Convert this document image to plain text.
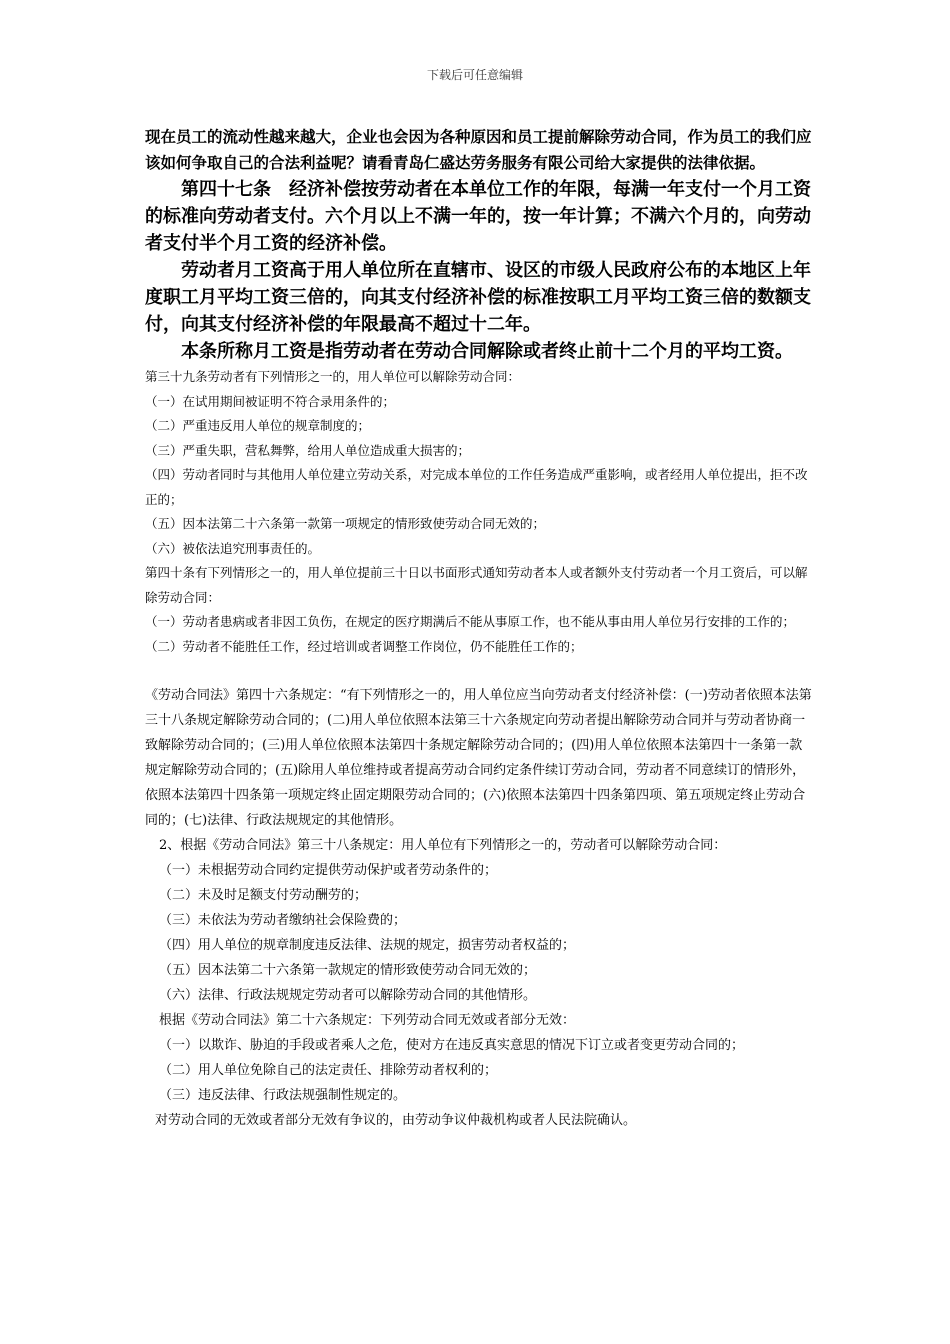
下载后可任意编辑

现在员工的流动性越来越大，企业也会因为各种原因和员工提前解除劳动合同，作为员工的我们应该如何争取自己的合法利益呢？请看青岛仁盛达劳务服务有限公司给大家提供的法律依据。

第四十七条　经济补偿按劳动者在本单位工作的年限，每满一年支付一个月工资的标准向劳动者支付。六个月以上不满一年的，按一年计算；不满六个月的，向劳动者支付半个月工资的经济补偿。

劳动者月工资高于用人单位所在直辖市、设区的市级人民政府公布的本地区上年度职工月平均工资三倍的，向其支付经济补偿的标准按职工月平均工资三倍的数额支付，向其支付经济补偿的年限最高不超过十二年。

本条所称月工资是指劳动者在劳动合同解除或者终止前十二个月的平均工资。

第三十九条劳动者有下列情形之一的，用人单位可以解除劳动合同：

（一）在试用期间被证明不符合录用条件的；

（二）严重违反用人单位的规章制度的；

（三）严重失职，营私舞弊，给用人单位造成重大损害的；

（四）劳动者同时与其他用人单位建立劳动关系，对完成本单位的工作任务造成严重影响，或者经用人单位提出，拒不改正的；

（五）因本法第二十六条第一款第一项规定的情形致使劳动合同无效的；

（六）被依法追究刑事责任的。

第四十条有下列情形之一的，用人单位提前三十日以书面形式通知劳动者本人或者额外支付劳动者一个月工资后，可以解除劳动合同：

（一）劳动者患病或者非因工负伤，在规定的医疗期满后不能从事原工作，也不能从事由用人单位另行安排的工作的；

（二）劳动者不能胜任工作，经过培训或者调整工作岗位，仍不能胜任工作的；

《劳动合同法》第四十六条规定：“有下列情形之一的，用人单位应当向劳动者支付经济补偿：(一)劳动者依照本法第三十八条规定解除劳动合同的；(二)用人单位依照本法第三十六条规定向劳动者提出解除劳动合同并与劳动者协商一致解除劳动合同的；(三)用人单位依照本法第四十条规定解除劳动合同的；(四)用人单位依照本法第四十一条第一款规定解除劳动合同的；(五)除用人单位维持或者提高劳动合同约定条件续订劳动合同，劳动者不同意续订的情形外，依照本法第四十四条第一项规定终止固定期限劳动合同的；(六)依照本法第四十四条第四项、第五项规定终止劳动合同的；(七)法律、行政法规规定的其他情形。

2、根据《劳动合同法》第三十八条规定：用人单位有下列情形之一的，劳动者可以解除劳动合同：

（一）未根据劳动合同约定提供劳动保护或者劳动条件的；

（二）未及时足额支付劳动酬劳的；

（三）未依法为劳动者缴纳社会保险费的；

（四）用人单位的规章制度违反法律、法规的规定，损害劳动者权益的；

（五）因本法第二十六条第一款规定的情形致使劳动合同无效的；

（六）法律、行政法规规定劳动者可以解除劳动合同的其他情形。

根据《劳动合同法》第二十六条规定：下列劳动合同无效或者部分无效：

（一）以欺诈、胁迫的手段或者乘人之危，使对方在违反真实意思的情况下订立或者变更劳动合同的；

（二）用人单位免除自己的法定责任、排除劳动者权利的；

（三）违反法律、行政法规强制性规定的。

对劳动合同的无效或者部分无效有争议的，由劳动争议仲裁机构或者人民法院确认。
